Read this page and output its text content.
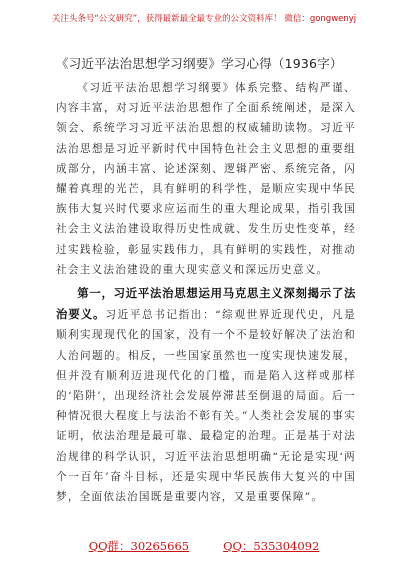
关注头条号“公文研究”，获得最新最全最专业的公文资料库！ 微信：gongwenyj
《习近平法治思想学习纲要》学习心得（1936字）

《习近平法治思想学习纲要》体系完整、结构严谨、内容丰富，对习近平法治思想作了全面系统阐述，是深入领会、系统学习习近平法治思想的权威辅助读物。习近平法治思想是习近平新时代中国特色社会主义思想的重要组成部分，内涵丰富、论述深刻、逻辑严密、系统完备，闪耀着真理的光芒，具有鲜明的科学性，是顺应实现中华民族伟大复兴时代要求应运而生的重大理论成果，指引我国社会主义法治建设取得历史性成就、发生历史性变革，经过实践检验，彰显实践伟力，具有鲜明的实践性，对推动社会主义法治建设的重大现实意义和深远历史意义。

第一，习近平法治思想运用马克思主义深刻揭示了法治要义。习近平总书记指出：“综观世界近现代史，凡是顺利实现现代化的国家，没有一个不是较好解决了法治和人治问题的。相反，一些国家虽然也一度实现快速发展，但并没有顺利迈进现代化的门槛，而是陷入这样或那样的‘陷阱’，出现经济社会发展停滞甚至倒退的局面。后一种情况很大程度上与法治不彰有关。”人类社会发展的事实证明，依法治理是最可靠、最稳定的治理。正是基于对法治规律的科学认识，习近平法治思想明确“无论是实现‘两个一百年’奋斗目标，还是实现中华民族伟大复兴的中国梦，全面依法治国既是重要内容，又是重要保障”。

QQ群：30265665	QQ：535304092
